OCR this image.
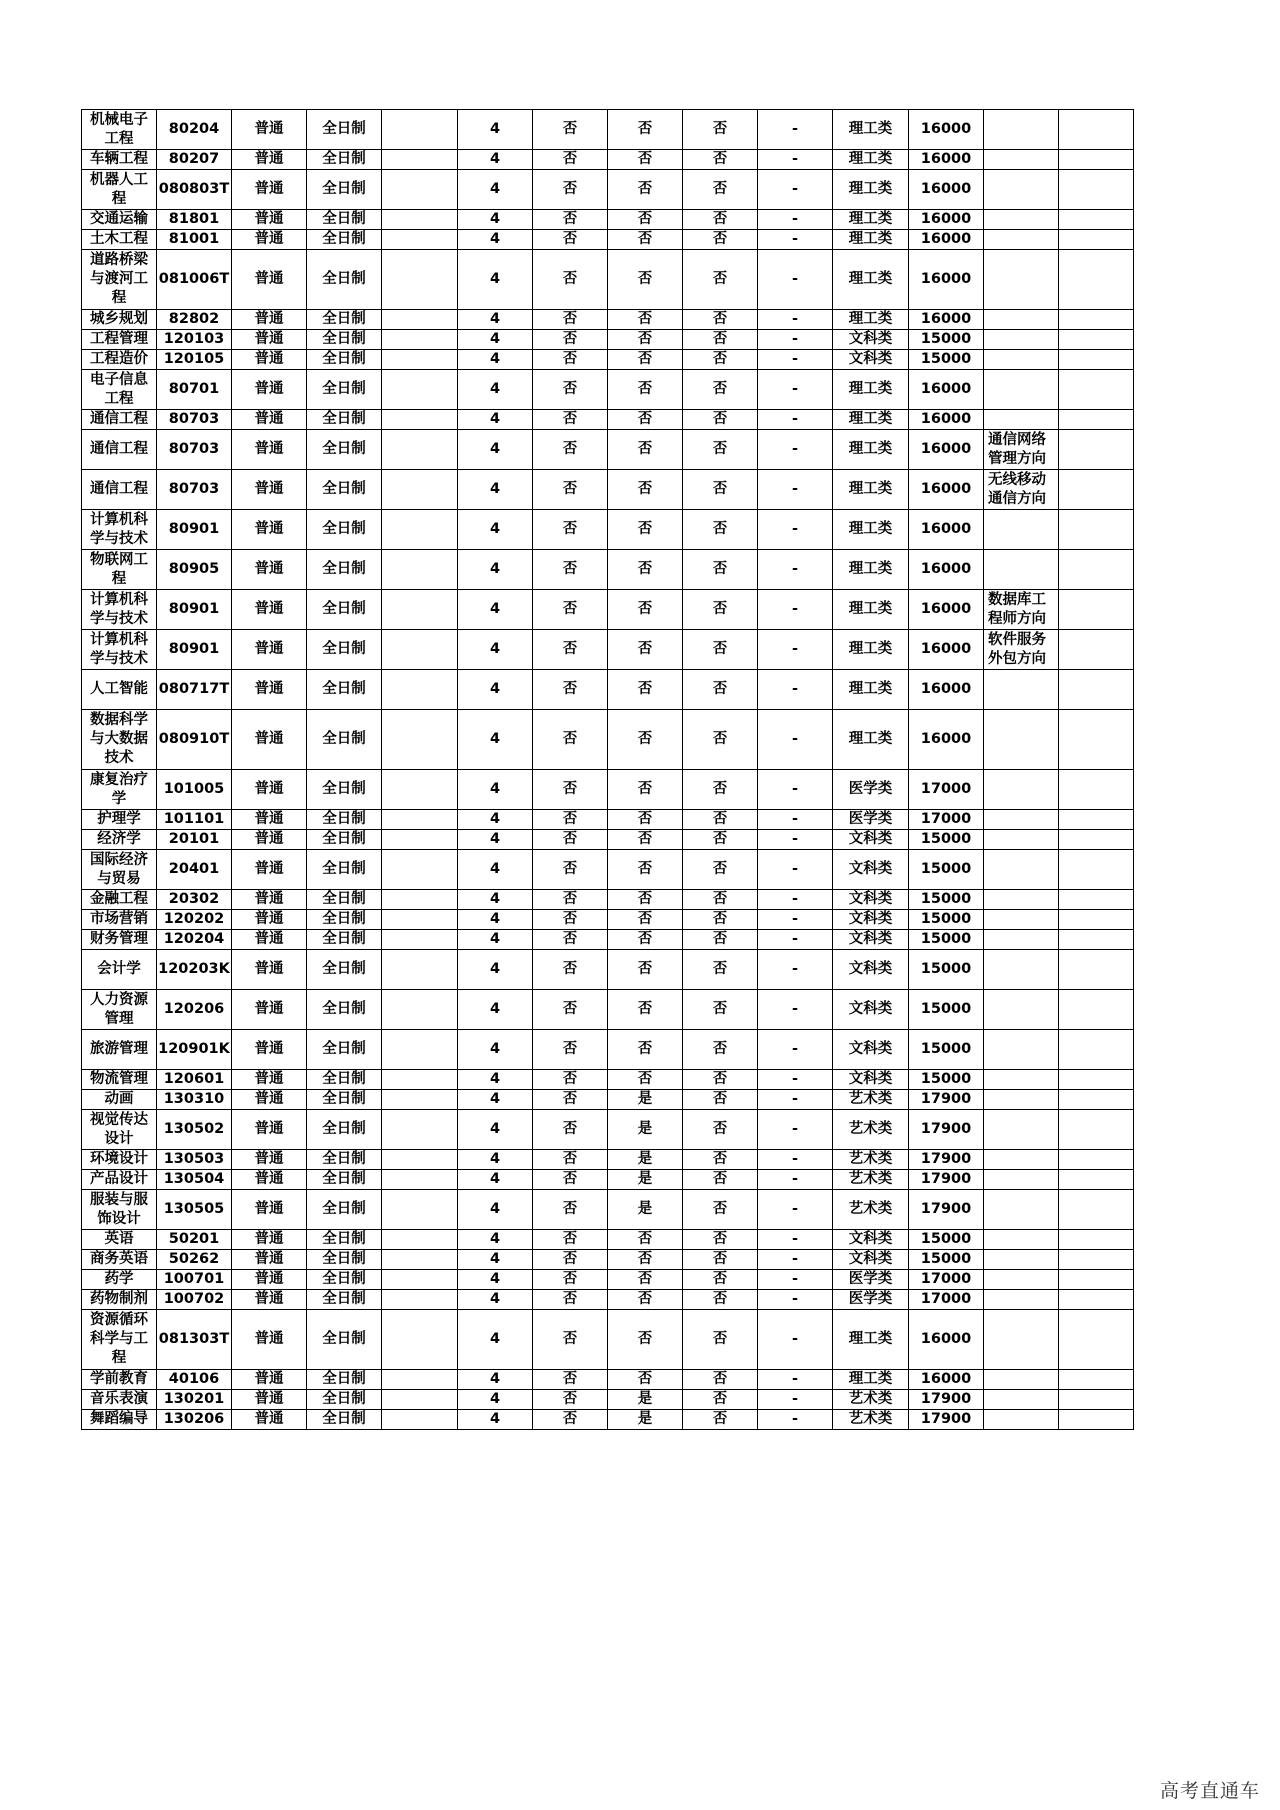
机械电子工程	80204	普通	全日制		4	否	否	否	-	理工类	16000		
车辆工程	80207	普通	全日制		4	否	否	否	-	理工类	16000		
机器人工程	080803T	普通	全日制		4	否	否	否	-	理工类	16000		
交通运输	81801	普通	全日制		4	否	否	否	-	理工类	16000		
土木工程	81001	普通	全日制		4	否	否	否	-	理工类	16000		
道路桥梁与渡河工程	081006T	普通	全日制		4	否	否	否	-	理工类	16000		
城乡规划	82802	普通	全日制		4	否	否	否	-	理工类	16000		
工程管理	120103	普通	全日制		4	否	否	否	-	文科类	15000		
工程造价	120105	普通	全日制		4	否	否	否	-	文科类	15000		
电子信息工程	80701	普通	全日制		4	否	否	否	-	理工类	16000		
通信工程	80703	普通	全日制		4	否	否	否	-	理工类	16000		
通信工程	80703	普通	全日制		4	否	否	否	-	理工类	16000	通信网络管理方向	
通信工程	80703	普通	全日制		4	否	否	否	-	理工类	16000	无线移动通信方向	
计算机科学与技术	80901	普通	全日制		4	否	否	否	-	理工类	16000		
物联网工程	80905	普通	全日制		4	否	否	否	-	理工类	16000		
计算机科学与技术	80901	普通	全日制		4	否	否	否	-	理工类	16000	数据库工程师方向	
计算机科学与技术	80901	普通	全日制		4	否	否	否	-	理工类	16000	软件服务外包方向	
人工智能	080717T	普通	全日制		4	否	否	否	-	理工类	16000		
数据科学与大数据技术	080910T	普通	全日制		4	否	否	否	-	理工类	16000		
康复治疗学	101005	普通	全日制		4	否	否	否	-	医学类	17000		
护理学	101101	普通	全日制		4	否	否	否	-	医学类	17000		
经济学	20101	普通	全日制		4	否	否	否	-	文科类	15000		
国际经济与贸易	20401	普通	全日制		4	否	否	否	-	文科类	15000		
金融工程	20302	普通	全日制		4	否	否	否	-	文科类	15000		
市场营销	120202	普通	全日制		4	否	否	否	-	文科类	15000		
财务管理	120204	普通	全日制		4	否	否	否	-	文科类	15000		
会计学	120203K	普通	全日制		4	否	否	否	-	文科类	15000		
人力资源管理	120206	普通	全日制		4	否	否	否	-	文科类	15000		
旅游管理	120901K	普通	全日制		4	否	否	否	-	文科类	15000		
物流管理	120601	普通	全日制		4	否	否	否	-	文科类	15000		
动画	130310	普通	全日制		4	否	是	否	-	艺术类	17900		
视觉传达设计	130502	普通	全日制		4	否	是	否	-	艺术类	17900		
环境设计	130503	普通	全日制		4	否	是	否	-	艺术类	17900		
产品设计	130504	普通	全日制		4	否	是	否	-	艺术类	17900		
服装与服饰设计	130505	普通	全日制		4	否	是	否	-	艺术类	17900		
英语	50201	普通	全日制		4	否	否	否	-	文科类	15000		
商务英语	50262	普通	全日制		4	否	否	否	-	文科类	15000		
药学	100701	普通	全日制		4	否	否	否	-	医学类	17000		
药物制剂	100702	普通	全日制		4	否	否	否	-	医学类	17000		
资源循环科学与工程	081303T	普通	全日制		4	否	否	否	-	理工类	16000		
学前教育	40106	普通	全日制		4	否	否	否	-	理工类	16000		
音乐表演	130201	普通	全日制		4	否	是	否	-	艺术类	17900		
舞蹈编导	130206	普通	全日制		4	否	是	否	-	艺术类	17900		
高考直通车
